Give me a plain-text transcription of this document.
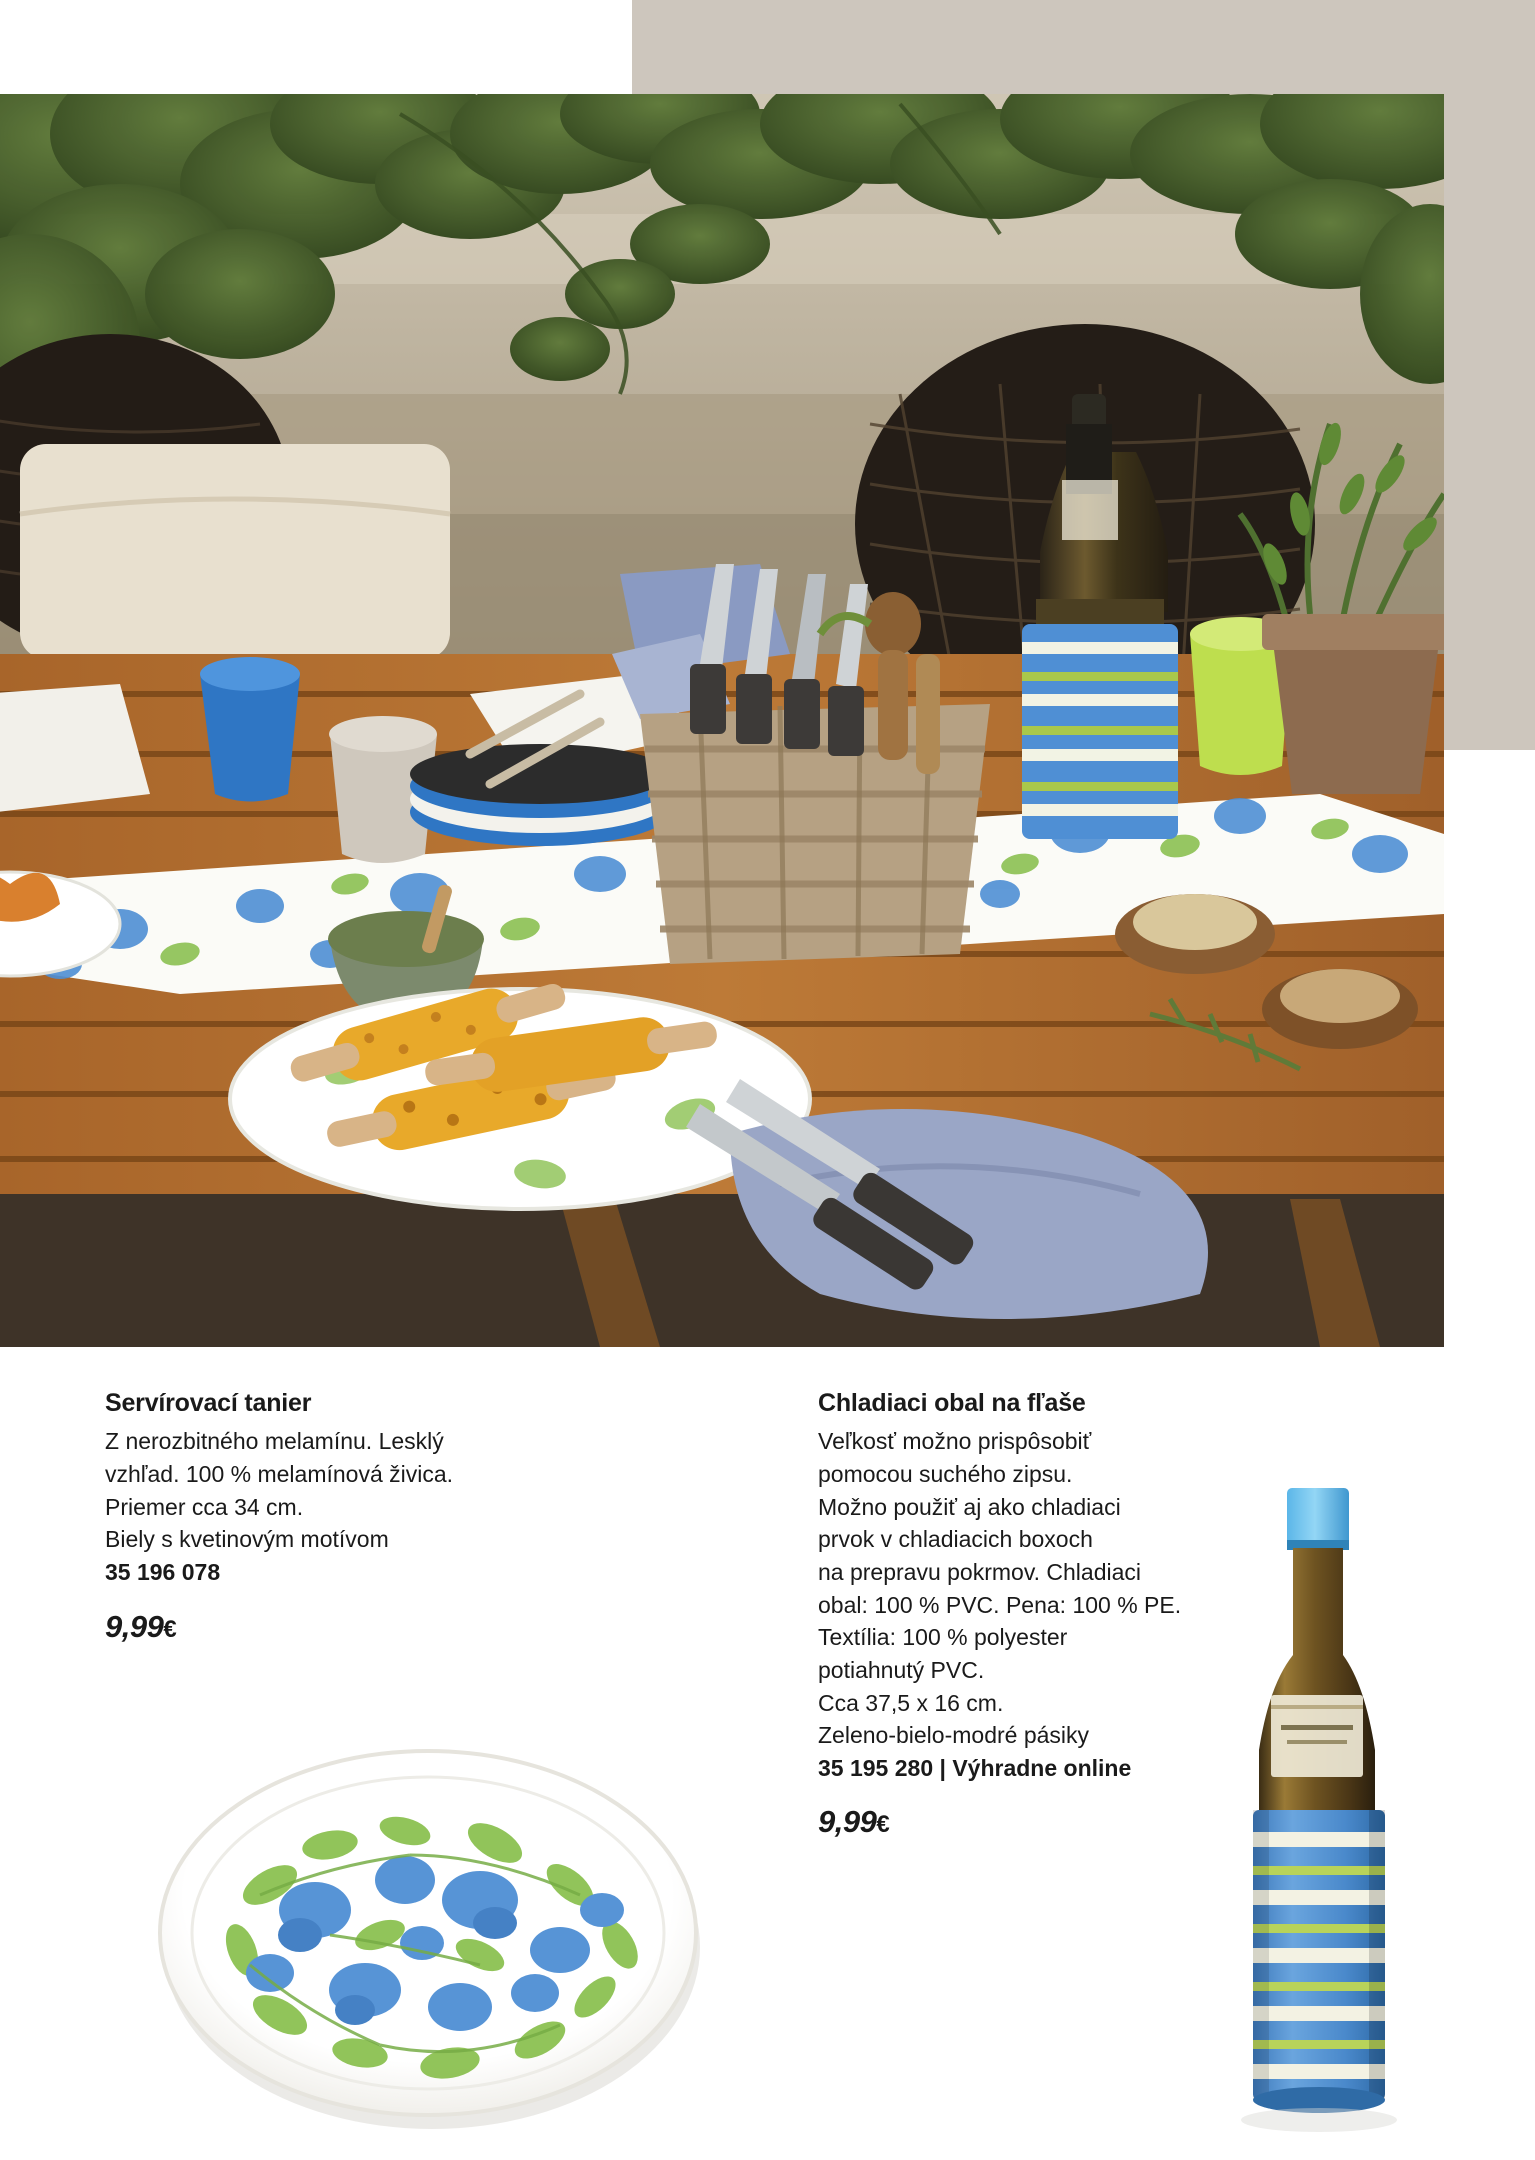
Servírovací tanier

Z nerozbitného melamínu. Lesklý

vzhľad. 100 % melamínová živica.

Priemer cca 34 cm.

Biely s kvetinovým motívom

35 196 078

9,99€
Chladiaci obal na fľaše

Veľkosť možno prispôsobiť

pomocou suchého zipsu.

Možno použiť aj ako chladiaci

prvok v chladiacich boxoch

na prepravu pokrmov. Chladiaci

obal: 100 % PVC. Pena: 100 % PE.

Textília: 100 % polyester

potiahnutý PVC.

Cca 37,5 x 16 cm.

Zeleno-bielo-modré pásiky

35 195 280 | Výhradne online

9,99€
